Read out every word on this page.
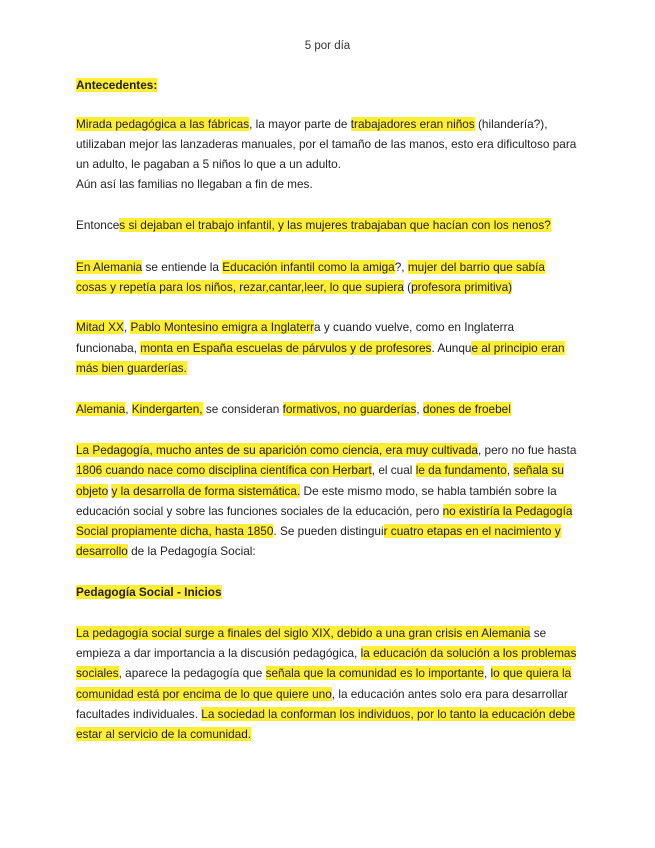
5 por día
Antecedentes:
Mirada pedagógica a las fábricas, la mayor parte de trabajadores eran niños (hilandería?),
utilizaban mejor las lanzaderas manuales, por el tamaño de las manos, esto era dificultoso para
un adulto, le pagaban a 5 niños lo que a un adulto.
Aún así las familias no llegaban a fin de mes.
Entonces si dejaban el trabajo infantil, y las mujeres trabajaban que hacían con los nenos?
En Alemania se entiende la Educación infantil como la amiga?, mujer del barrio que sabía
cosas y repetía para los niños, rezar,cantar,leer, lo que supiera (profesora primitiva)
Mitad XX, Pablo Montesino emigra a Inglaterra y cuando vuelve, como en Inglaterra
funcionaba, monta en España escuelas de párvulos y de profesores. Aunque al principio eran
más bien guarderías.
Alemania, Kindergarten, se consideran formativos, no guarderías, dones de froebel
La Pedagogía, mucho antes de su aparición como ciencia, era muy cultivada, pero no fue hasta
1806 cuando nace como disciplina científica con Herbart, el cual le da fundamento, señala su
objeto y la desarrolla de forma sistemática. De este mismo modo, se habla también sobre la
educación social y sobre las funciones sociales de la educación, pero no existiría la Pedagogía
Social propiamente dicha, hasta 1850. Se pueden distinguir cuatro etapas en el nacimiento y
desarrollo de la Pedagogía Social:
Pedagogía Social - Inicios
La pedagogía social surge a finales del siglo XIX, debido a una gran crisis en Alemania se
empieza a dar importancia a la discusión pedagógica, la educación da solución a los problemas
sociales, aparece la pedagogía que señala que la comunidad es lo importante, lo que quiera la
comunidad está por encima de lo que quiere uno, la educación antes solo era para desarrollar
facultades individuales. La sociedad la conforman los individuos, por lo tanto la educación debe
estar al servicio de la comunidad.
